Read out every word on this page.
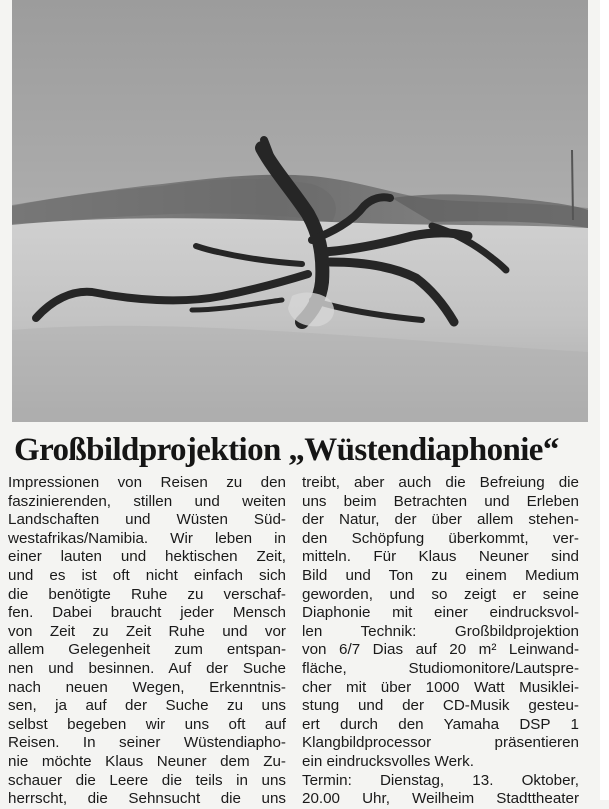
Großbildprojektion „Wüstendiaphonie“
Impressionen von Reisen zu den
faszinierenden, stillen und weiten
Landschaften und Wüsten Süd-
westafrikas/Namibia. Wir leben in
einer lauten und hektischen Zeit,
und es ist oft nicht einfach sich
die benötigte Ruhe zu verschaf-
fen. Dabei braucht jeder Mensch
von Zeit zu Zeit Ruhe und vor
allem Gelegenheit zum entspan-
nen und besinnen. Auf der Suche
nach neuen Wegen, Erkenntnis-
sen, ja auf der Suche zu uns
selbst begeben wir uns oft auf
Reisen. In seiner Wüstendiapho-
nie möchte Klaus Neuner dem Zu-
schauer die Leere die teils in uns
herrscht, die Sehnsucht die uns
treibt, aber auch die Befreiung die
uns beim Betrachten und Erleben
der Natur, der über allem stehen-
den Schöpfung überkommt, ver-
mitteln. Für Klaus Neuner sind
Bild und Ton zu einem Medium
geworden, und so zeigt er seine
Diaphonie mit einer eindrucksvol-
len Technik: Großbildprojektion
von 6/7 Dias auf 20 m² Leinwand-
fläche, Studiomonitore/Lautspre-
cher mit über 1000 Watt Musiklei-
stung und der CD-Musik gesteu-
ert durch den Yamaha DSP 1
Klangbildprocessor präsentieren
ein eindrucksvolles Werk.
Termin: Dienstag, 13. Oktober,
20.00 Uhr, Weilheim Stadttheater
